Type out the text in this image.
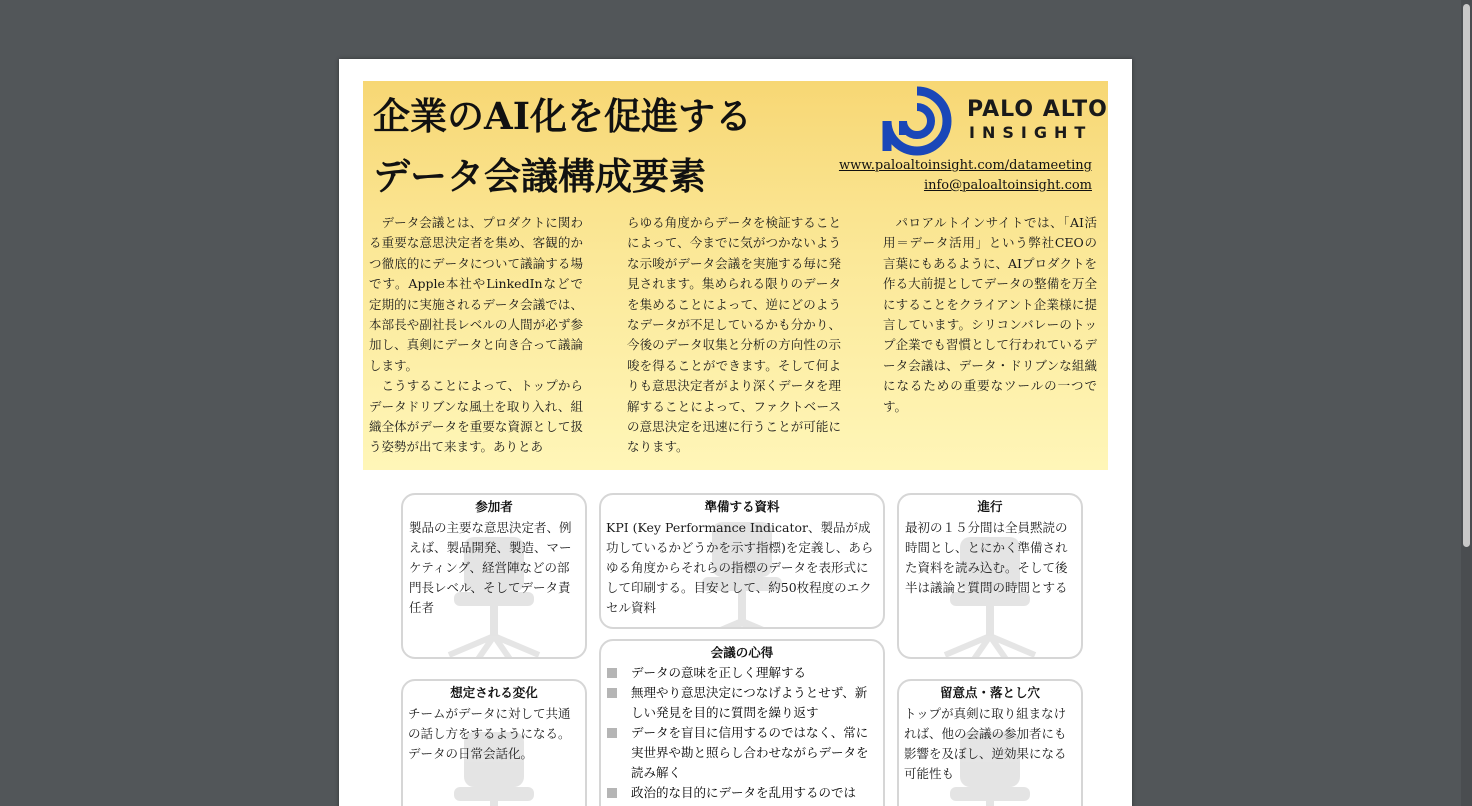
企業のAI化を促進する
データ会議構成要素
PALO ALTO
INSIGHT
www.paloaltoinsight.com/datameeting
info@paloaltoinsight.com

データ会議とは、プロダクトに関わる重要な意思決定者を集め、客観的かつ徹底的にデータについて議論する場です。Apple本社やLinkedInなどで定期的に実施されるデータ会議では、本部長や副社長レベルの人間が必ず参加し、真剣にデータと向き合って議論します。

こうすることによって、トップからデータドリブンな風土を取り入れ、組織全体がデータを重要な資源として扱う姿勢が出て来ます。ありとあ

らゆる角度からデータを検証することによって、今までに気がつかないような示唆がデータ会議を実施する毎に発見されます。集められる限りのデータを集めることによって、逆にどのようなデータが不足しているかも分かり、今後のデータ収集と分析の方向性の示唆を得ることができます。そして何よりも意思決定者がより深くデータを理解することによって、ファクトベースの意思決定を迅速に行うことが可能になります。

パロアルトインサイトでは、「AI活用＝データ活用」という弊社CEOの言葉にもあるように、AIプロダクトを作る大前提としてデータの整備を万全にすることをクライアント企業様に提言しています。シリコンバレーのトップ企業でも習慣として行われているデータ会議は、データ・ドリブンな組織になるための重要なツールの一つです。

参加者
製品の主要な意思決定者、例えば、製品開発、製造、マーケティング、経営陣などの部門長レベル、そしてデータ責任者
準備する資料
KPI (Key Performance Indicator、製品が成功しているかどうかを示す指標)を定義し、あらゆる角度からそれらの指標のデータを表形式にして印刷する。目安として、約50枚程度のエクセル資料
進行
最初の１５分間は全員黙読の時間とし、とにかく準備された資料を読み込む。そして後半は議論と質問の時間とする
会議の心得
データの意味を正しく理解する
無理やり意思決定につなげようとせず、新しい発見を目的に質問を繰り返す
データを盲目に信用するのではなく、常に実世界や勘と照らし合わせながらデータを読み解く
政治的な目的にデータを乱用するのでは
想定される変化
チームがデータに対して共通の話し方をするようになる。データの日常会話化。
留意点・落とし穴
トップが真剣に取り組まなければ、他の会議の参加者にも影響を及ぼし、逆効果になる可能性も
